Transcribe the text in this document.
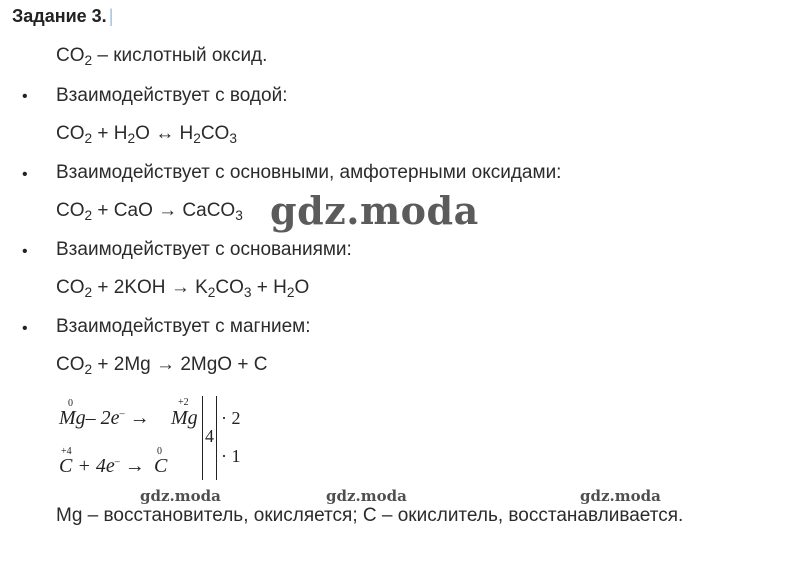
Задание 3. |
$CO_2$ – кислотный оксид.
• Взаимодействует с водой:
$CO_2 + H_2O$ ↔ $H_2CO_3$
• Взаимодействует с основными, амфотерными оксидами:
$CO_2$ + CaO → CaCO$_3$ gdz.moda
• Взаимодействует с основаниями:
$CO_2 + 2KOH \to K_2CO_3 + H_2O$
• Взаимодействует с магнием:
$CO_2 + 2Mg \to 2MgO + C$
0
Mg– 2e– →
+2
Mg
+4
C + 4e– →
0
C
4
· 2
· 1
gdz.moda	gdz.moda	gdz.moda
Mg – восстановитель, окисляется; С – окислитель, восстанавливается.
